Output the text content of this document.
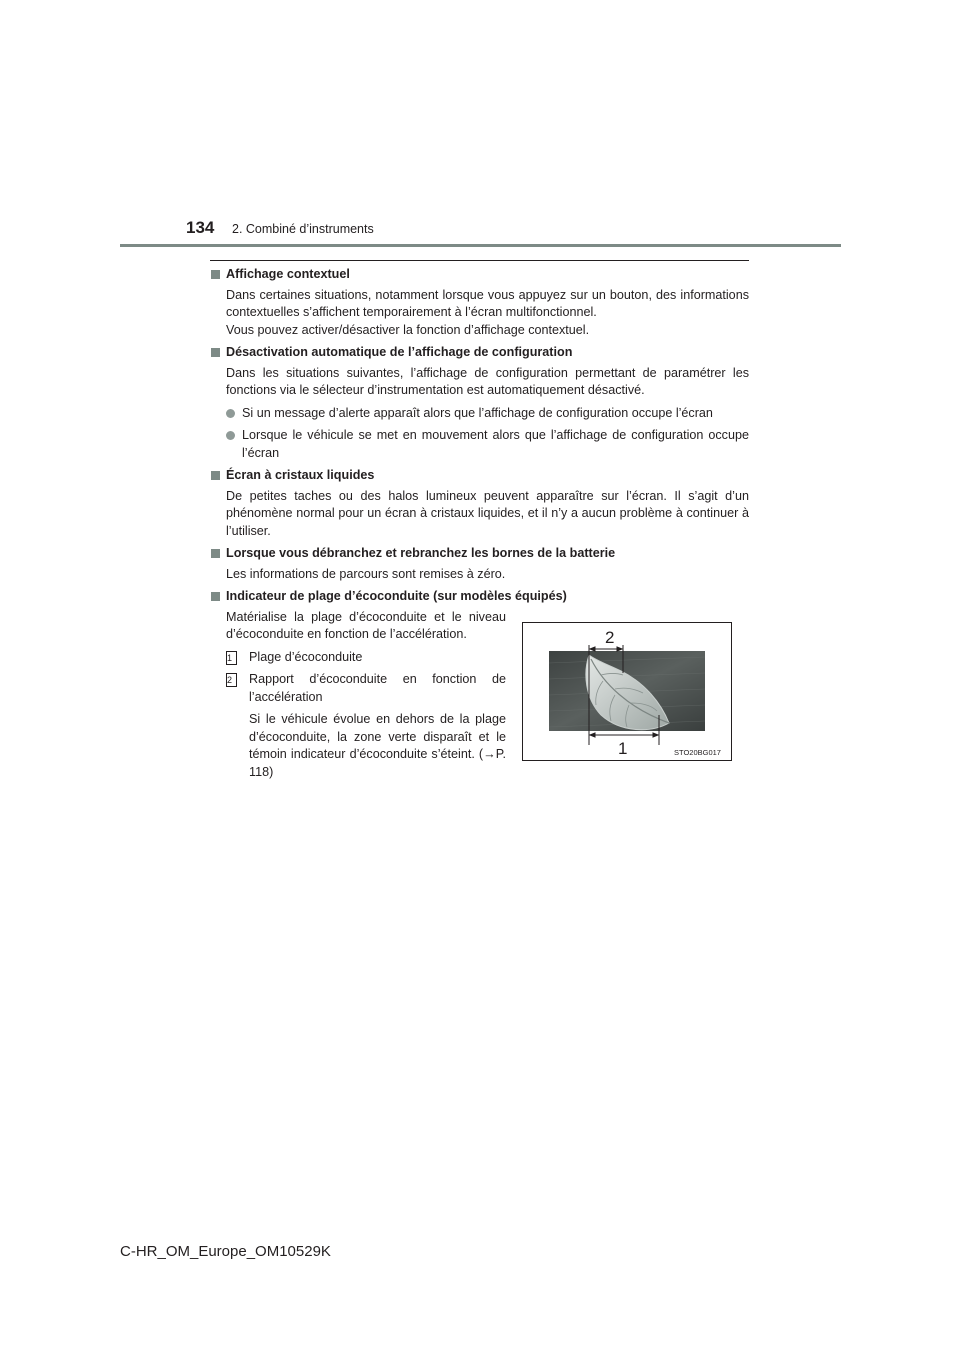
134 2. Combiné d’instruments
Affichage contextuel
Dans certaines situations, notamment lorsque vous appuyez sur un bouton, des informations contextuelles s’affichent temporairement à l’écran multifonctionnel.
Vous pouvez activer/désactiver la fonction d’affichage contextuel.
Désactivation automatique de l’affichage de configuration
Dans les situations suivantes, l’affichage de configuration permettant de paramétrer les fonctions via le sélecteur d’instrumentation est automatiquement désactivé.
Si un message d’alerte apparaît alors que l’affichage de configuration occupe l’écran
Lorsque le véhicule se met en mouvement alors que l’affichage de configuration occupe l’écran
Écran à cristaux liquides
De petites taches ou des halos lumineux peuvent apparaître sur l’écran. Il s’agit d’un phénomène normal pour un écran à cristaux liquides, et il n’y a aucun problème à continuer à l’utiliser.
Lorsque vous débranchez et rebranchez les bornes de la batterie
Les informations de parcours sont remises à zéro.
Indicateur de plage d’écoconduite (sur modèles équipés)
Matérialise la plage d’écoconduite et le niveau d’écoconduite en fonction de l’accélération.
1	Plage d’écoconduite
2	Rapport d’écoconduite en fonction de l’accélération
Si le véhicule évolue en dehors de la plage d’écoconduite, la zone verte disparaît et le témoin indicateur d’écoconduite s’éteint. (→P. 118)
2
1	STO20BG017
C-HR_OM_Europe_OM10529K
